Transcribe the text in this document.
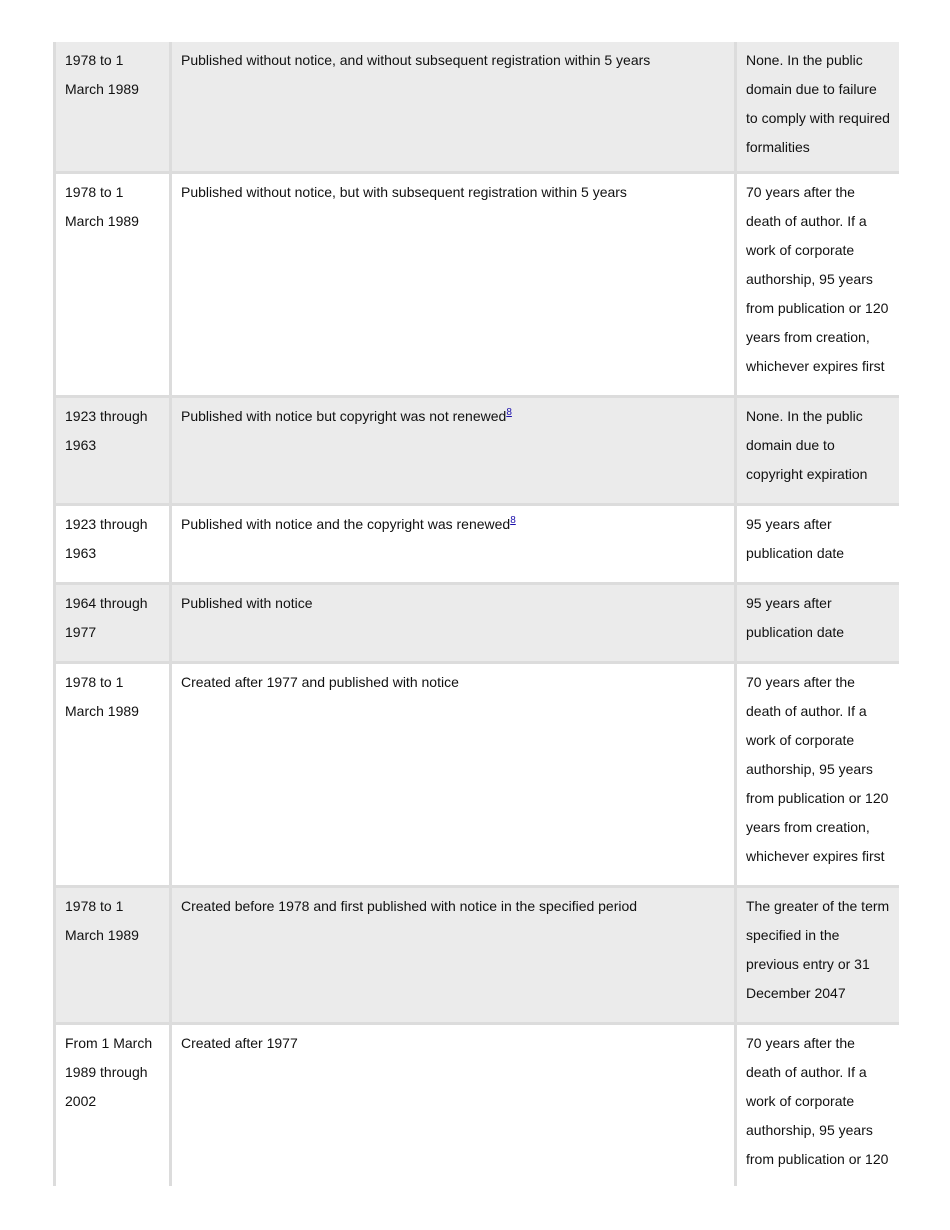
1978 to 1 March 1989	Published without notice, and without subsequent registration within 5 years	None. In the public domain due to failure to comply with required formalities
1978 to 1 March 1989	Published without notice, but with subsequent registration within 5 years	70 years after the death of author. If a work of corporate authorship, 95 years from publication or 120 years from creation, whichever expires first
1923 through 1963	Published with notice but copyright was not renewed$^8$	None. In the public domain due to copyright expiration
1923 through 1963	Published with notice and the copyright was renewed$^8$	95 years after publication date
1964 through 1977	Published with notice	95 years after publication date
1978 to 1 March 1989	Created after 1977 and published with notice	70 years after the death of author. If a work of corporate authorship, 95 years from publication or 120 years from creation, whichever expires first
1978 to 1 March 1989	Created before 1978 and first published with notice in the specified period	The greater of the term specified in the previous entry or 31 December 2047
From 1 March 1989 through 2002	Created after 1977	70 years after the death of author. If a work of corporate authorship, 95 years from publication or 120
